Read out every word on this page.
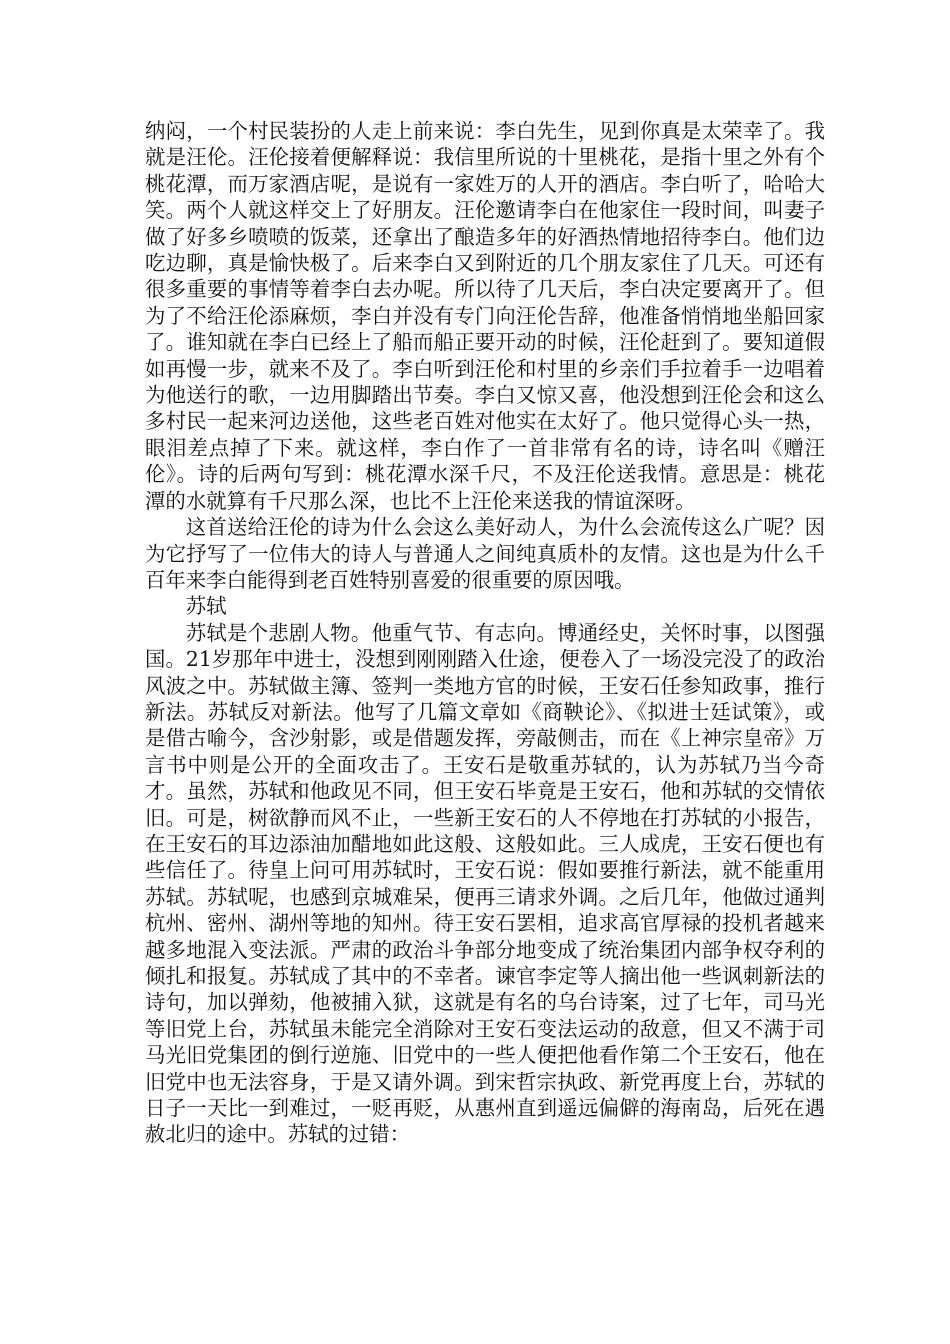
纳闷，一个村民装扮的人走上前来说：李白先生，见到你真是太荣幸了。我就是汪伦。汪伦接着便解释说：我信里所说的十里桃花，是指十里之外有个桃花潭，而万家酒店呢，是说有一家姓万的人开的酒店。李白听了，哈哈大笑。两个人就这样交上了好朋友。汪伦邀请李白在他家住一段时间，叫妻子做了好多乡喷喷的饭菜，还拿出了酿造多年的好酒热情地招待李白。他们边吃边聊，真是愉快极了。后来李白又到附近的几个朋友家住了几天。可还有很多重要的事情等着李白去办呢。所以待了几天后，李白决定要离开了。但为了不给汪伦添麻烦，李白并没有专门向汪伦告辞，他准备悄悄地坐船回家了。谁知就在李白已经上了船而船正要开动的时候，汪伦赶到了。要知道假如再慢一步，就来不及了。李白听到汪伦和村里的乡亲们手拉着手一边唱着为他送行的歌，一边用脚踏出节奏。李白又惊又喜，他没想到汪伦会和这么多村民一起来河边送他，这些老百姓对他实在太好了。他只觉得心头一热，眼泪差点掉了下来。就这样，李白作了一首非常有名的诗，诗名叫《赠汪伦》。诗的后两句写到：桃花潭水深千尺，不及汪伦送我情。意思是：桃花潭的水就算有千尺那么深，也比不上汪伦来送我的情谊深呀。

这首送给汪伦的诗为什么会这么美好动人，为什么会流传这么广呢？因为它抒写了一位伟大的诗人与普通人之间纯真质朴的友情。这也是为什么千百年来李白能得到老百姓特别喜爱的很重要的原因哦。

苏轼

苏轼是个悲剧人物。他重气节、有志向。博通经史，关怀时事，以图强国。21岁那年中进士，没想到刚刚踏入仕途，便卷入了一场没完没了的政治风波之中。苏轼做主簿、签判一类地方官的时候，王安石任参知政事，推行新法。苏轼反对新法。他写了几篇文章如《商鞅论》、《拟进士廷试策》，或是借古喻今，含沙射影，或是借题发挥，旁敲侧击，而在《上神宗皇帝》万言书中则是公开的全面攻击了。王安石是敬重苏轼的，认为苏轼乃当今奇才。虽然，苏轼和他政见不同，但王安石毕竟是王安石，他和苏轼的交情依旧。可是，树欲静而风不止，一些新王安石的人不停地在打苏轼的小报告，在王安石的耳边添油加醋地如此这般、这般如此。三人成虎，王安石便也有些信任了。待皇上问可用苏轼时，王安石说：假如要推行新法，就不能重用苏轼。苏轼呢，也感到京城难呆，便再三请求外调。之后几年，他做过通判杭州、密州、湖州等地的知州。待王安石罢相，追求高官厚禄的投机者越来越多地混入变法派。严肃的政治斗争部分地变成了统治集团内部争权夺利的倾扎和报复。苏轼成了其中的不幸者。谏官李定等人摘出他一些讽刺新法的诗句，加以弹劾，他被捕入狱，这就是有名的乌台诗案，过了七年，司马光等旧党上台，苏轼虽未能完全消除对王安石变法运动的敌意，但又不满于司马光旧党集团的倒行逆施、旧党中的一些人便把他看作第二个王安石，他在旧党中也无法容身，于是又请外调。到宋哲宗执政、新党再度上台，苏轼的日子一天比一到难过，一贬再贬，从惠州直到遥远偏僻的海南岛，后死在遇赦北归的途中。苏轼的过错：
